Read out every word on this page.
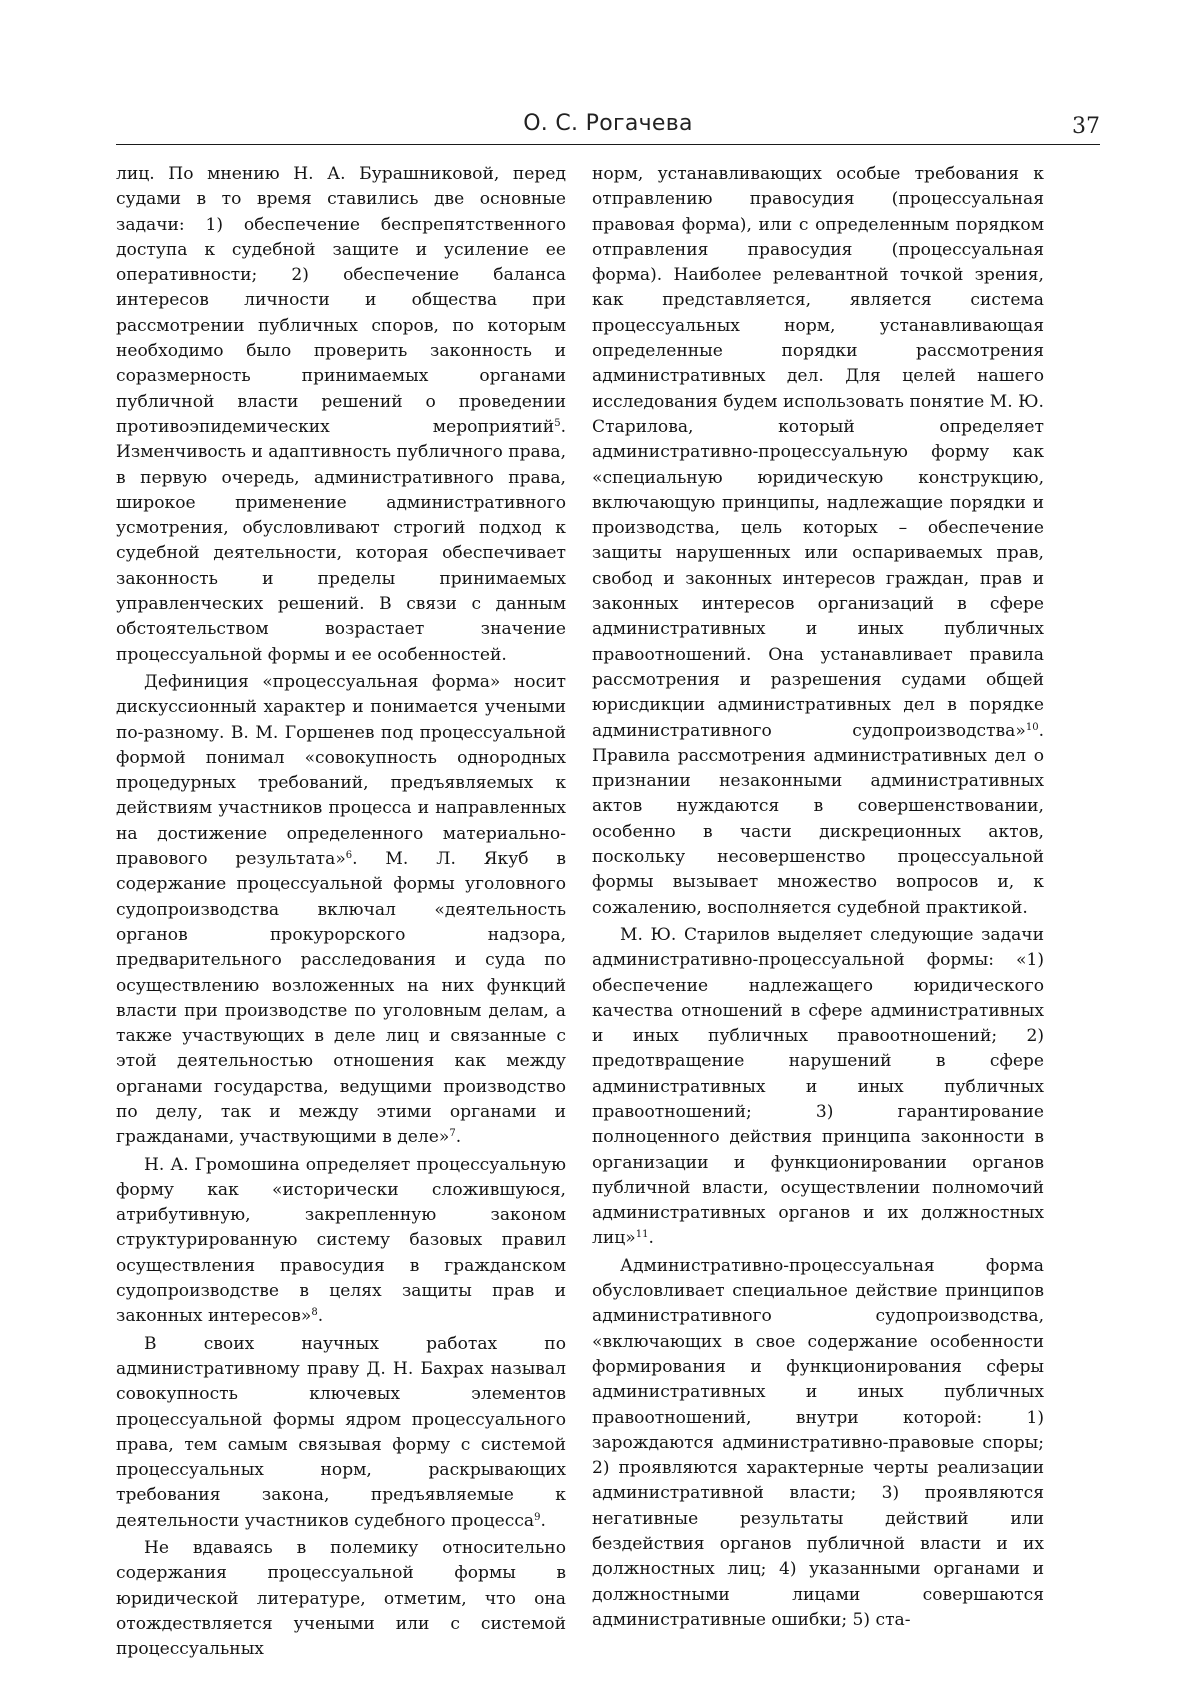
О. С. Рогачева	37

лиц. По мнению Н. А. Бурашниковой, перед судами в то время ставились две основные задачи: 1) обеспечение беспрепятственного доступа к судебной защите и усиление ее оперативности; 2) обеспечение баланса интересов личности и общества при рассмотрении публичных споров, по которым необходимо было проверить законность и соразмерность принимаемых органами публичной власти решений о проведении противоэпидемических мероприятий$^5$. Изменчивость и адаптивность публичного права, в первую очередь, административного права, широкое применение административного усмотрения, обусловливают строгий подход к судебной деятельности, которая обеспечивает законность и пределы принимаемых управленческих решений. В связи с данным обстоятельством возрастает значение процессуальной формы и ее особенностей.

Дефиниция «процессуальная форма» носит дискуссионный характер и понимается учеными по-разному. В. М. Горшенев под процессуальной формой понимал «совокупность однородных процедурных требований, предъявляемых к действиям участников процесса и направленных на достижение определенного материально-правового результата»$^6$. М. Л. Якуб в содержание процессуальной формы уголовного судопроизводства включал «деятельность органов прокурорского надзора, предварительного расследования и суда по осуществлению возложенных на них функций власти при производстве по уголовным делам, а также участвующих в деле лиц и связанные с этой деятельностью отношения как между органами государства, ведущими производство по делу, так и между этими органами и гражданами, участвующими в деле»$^7$.

Н. А. Громошина определяет процессуальную форму как «исторически сложившуюся, атрибутивную, закрепленную законом структурированную систему базовых правил осуществления правосудия в гражданском судопроизводстве в целях защиты прав и законных интересов»$^8$.

В своих научных работах по административному праву Д. Н. Бахрах называл совокупность ключевых элементов процессуальной формы ядром процессуального права, тем самым связывая форму с системой процессуальных норм, раскрывающих требования закона, предъявляемые к деятельности участников судебного процесса$^9$.

Не вдаваясь в полемику относительно содержания процессуальной формы в юридической литературе, отметим, что она отождествляется учеными или с системой процессуальных

норм, устанавливающих особые требования к отправлению правосудия (процессуальная правовая форма), или с определенным порядком отправления правосудия (процессуальная форма). Наиболее релевантной точкой зрения, как представляется, является система процессуальных норм, устанавливающая определенные порядки рассмотрения административных дел. Для целей нашего исследования будем использовать понятие М. Ю. Старилова, который определяет административно-процессуальную форму как «специальную юридическую конструкцию, включающую принципы, надлежащие порядки и производства, цель которых – обеспечение защиты нарушенных или оспариваемых прав, свобод и законных интересов граждан, прав и законных интересов организаций в сфере административных и иных публичных правоотношений. Она устанавливает правила рассмотрения и разрешения судами общей юрисдикции административных дел в порядке административного судопроизводства»$^{10}$. Правила рассмотрения административных дел о признании незаконными административных актов нуждаются в совершенствовании, особенно в части дискреционных актов, поскольку несовершенство процессуальной формы вызывает множество вопросов и, к сожалению, восполняется судебной практикой.

М. Ю. Старилов выделяет следующие задачи административно-процессуальной формы: «1) обеспечение надлежащего юридического качества отношений в сфере административных и иных публичных правоотношений; 2) предотвращение нарушений в сфере административных и иных публичных правоотношений; 3) гарантирование полноценного действия принципа законности в организации и функционировании органов публичной власти, осуществлении полномочий административных органов и их должностных лиц»$^{11}$.

Административно-процессуальная форма обусловливает специальное действие принципов административного судопроизводства, «включающих в свое содержание особенности формирования и функционирования сферы административных и иных публичных правоотношений, внутри которой: 1) зарождаются административно-правовые споры; 2) проявляются характерные черты реализации административной власти; 3) проявляются негативные результаты действий или бездействия органов публичной власти и их должностных лиц; 4) указанными органами и должностными лицами совершаются административные ошибки; 5) ста-
